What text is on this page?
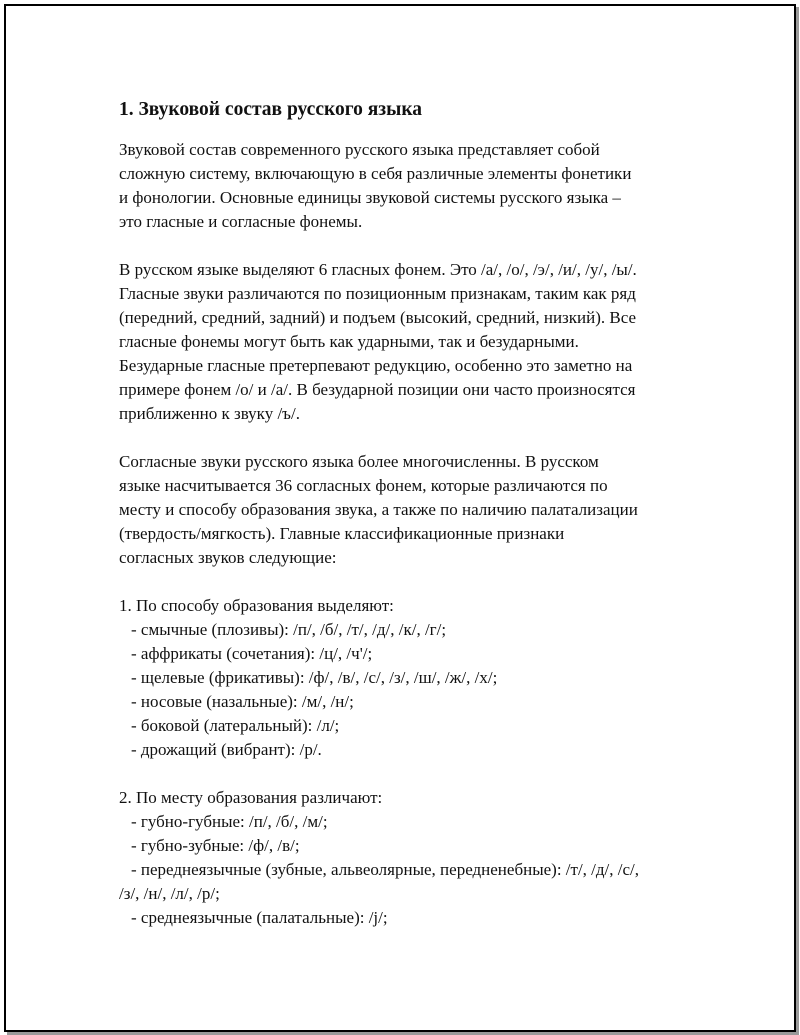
1. Звуковой состав русского языка

Звуковой состав современного русского языка представляет собой
сложную систему, включающую в себя различные элементы фонетики
и фонологии. Основные единицы звуковой системы русского языка –
это гласные и согласные фонемы.

В русском языке выделяют 6 гласных фонем. Это /а/, /о/, /э/, /и/, /у/, /ы/.
Гласные звуки различаются по позиционным признакам, таким как ряд
(передний, средний, задний) и подъем (высокий, средний, низкий). Все
гласные фонемы могут быть как ударными, так и безударными.
Безударные гласные претерпевают редукцию, особенно это заметно на
примере фонем /о/ и /а/. В безударной позиции они часто произносятся
приближенно к звуку /ъ/.

Согласные звуки русского языка более многочисленны. В русском
языке насчитывается 36 согласных фонем, которые различаются по
месту и способу образования звука, а также по наличию палатализации
(твердость/мягкость). Главные классификационные признаки
согласных звуков следующие:

1. По способу образования выделяют:
- смычные (плозивы): /п/, /б/, /т/, /д/, /к/, /г/;
- аффрикаты (сочетания): /ц/, /ч'/;
- щелевые (фрикативы): /ф/, /в/, /с/, /з/, /ш/, /ж/, /х/;
- носовые (назальные): /м/, /н/;
- боковой (латеральный): /л/;
- дрожащий (вибрант): /р/.
2. По месту образования различают:
- губно-губные: /п/, /б/, /м/;
- губно-зубные: /ф/, /в/;
- переднеязычные (зубные, альвеолярные, передненебные): /т/, /д/, /с/,
/з/, /н/, /л/, /р/;
- среднеязычные (палатальные): /j/;
